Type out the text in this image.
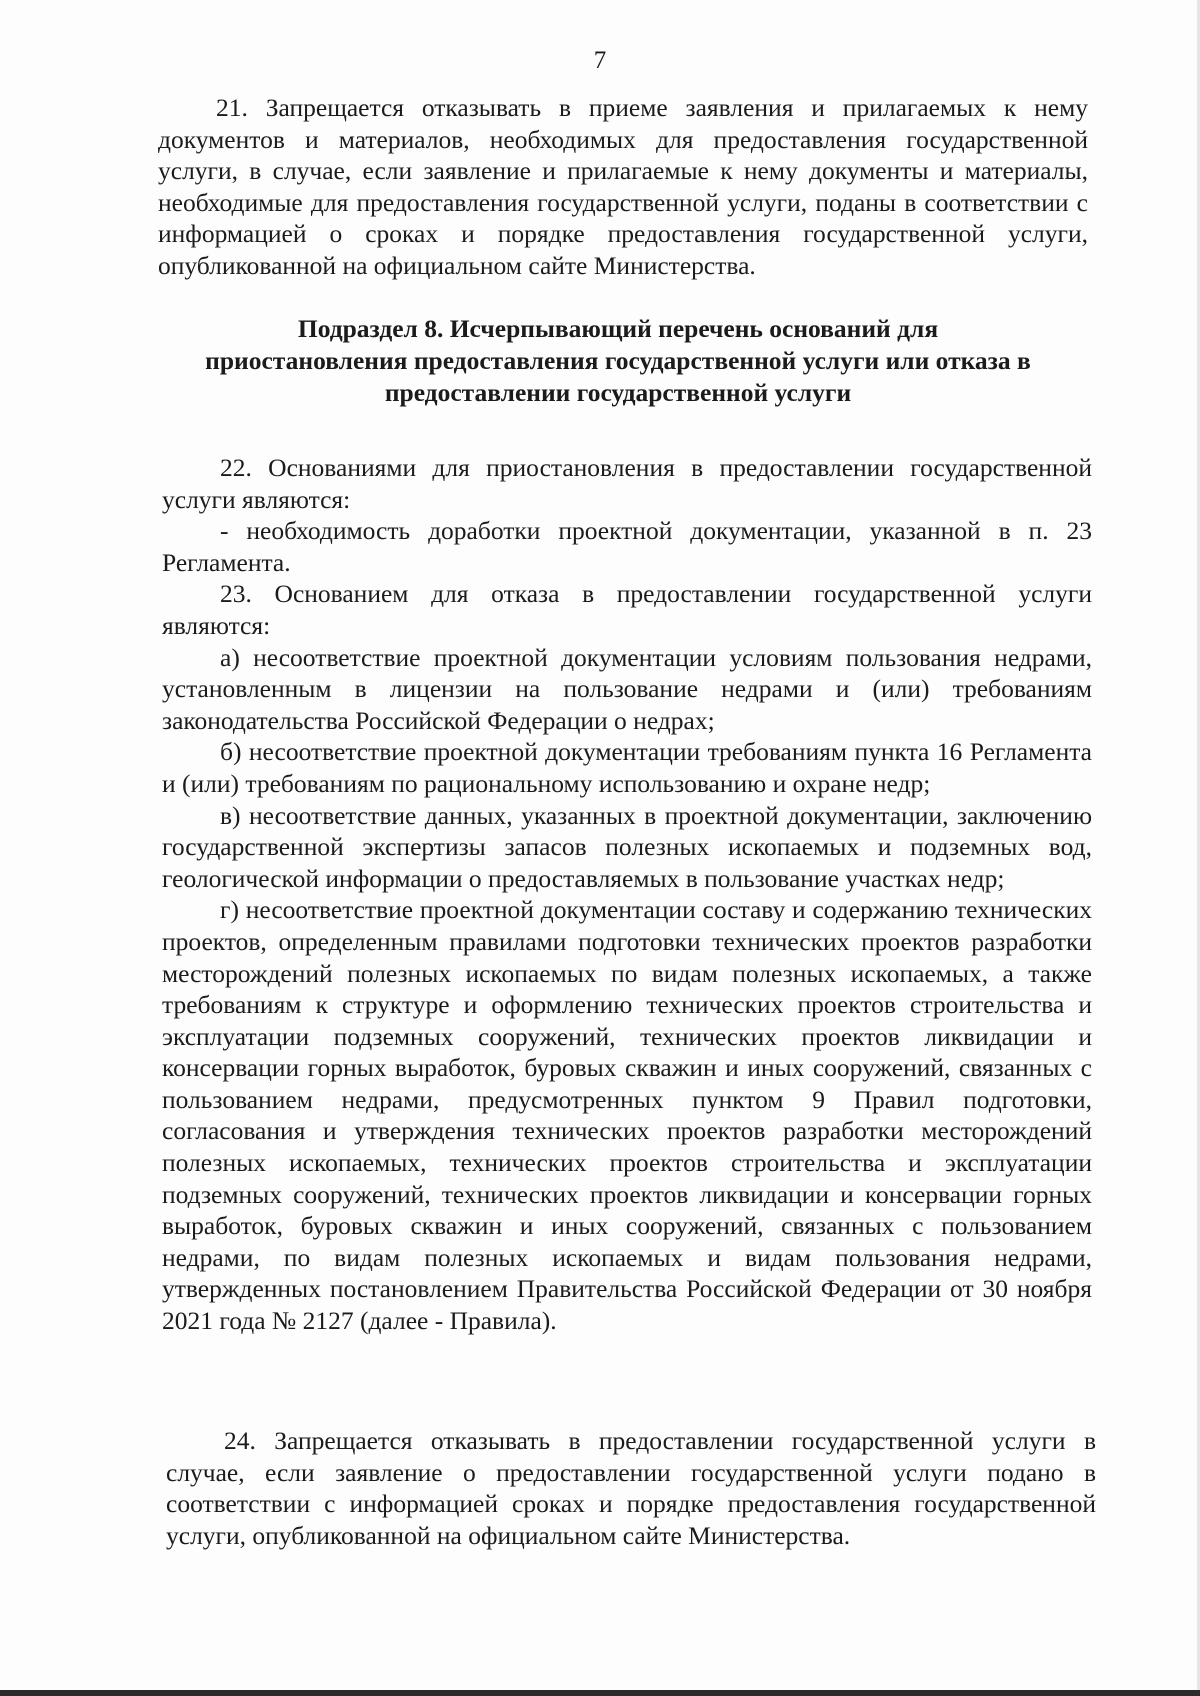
7

21. Запрещается отказывать в приеме заявления и прилагаемых к нему документов и материалов, необходимых для предоставления государственной услуги, в случае, если заявление и прилагаемые к нему документы и материалы, необходимые для предоставления государственной услуги, поданы в соответствии с информацией о сроках и порядке предоставления государственной услуги, опубликованной на официальном сайте Министерства.

Подраздел 8. Исчерпывающий перечень оснований для
приостановления предоставления государственной услуги или отказа в
предоставлении государственной услуги

22. Основаниями для приостановления в предоставлении государственной услуги являются:

- необходимость доработки проектной документации, указанной в п. 23 Регламента.

23. Основанием для отказа в предоставлении государственной услуги являются:

а) несоответствие проектной документации условиям пользования недрами, установленным в лицензии на пользование недрами и (или) требованиям законодательства Российской Федерации о недрах;

б) несоответствие проектной документации требованиям пункта 16 Регламента и (или) требованиям по рациональному использованию и охране недр;

в) несоответствие данных, указанных в проектной документации, заключению государственной экспертизы запасов полезных ископаемых и подземных вод, геологической информации о предоставляемых в пользование участках недр;

г) несоответствие проектной документации составу и содержанию технических проектов, определенным правилами подготовки технических проектов разработки месторождений полезных ископаемых по видам полезных ископаемых, а также требованиям к структуре и оформлению технических проектов строительства и эксплуатации подземных сооружений, технических проектов ликвидации и консервации горных выработок, буровых скважин и иных сооружений, связанных с пользованием недрами, предусмотренных пунктом 9 Правил подготовки, согласования и утверждения технических проектов разработки месторождений полезных ископаемых, технических проектов строительства и эксплуатации подземных сооружений, технических проектов ликвидации и консервации горных выработок, буровых скважин и иных сооружений, связанных с пользованием недрами, по видам полезных ископаемых и видам пользования недрами, утвержденных постановлением Правительства Российской Федерации от 30 ноября 2021 года № 2127 (далее - Правила).

24. Запрещается отказывать в предоставлении государственной услуги в случае, если заявление о предоставлении государственной услуги подано в соответствии с информацией сроках и порядке предоставления государственной услуги, опубликованной на официальном сайте Министерства.
